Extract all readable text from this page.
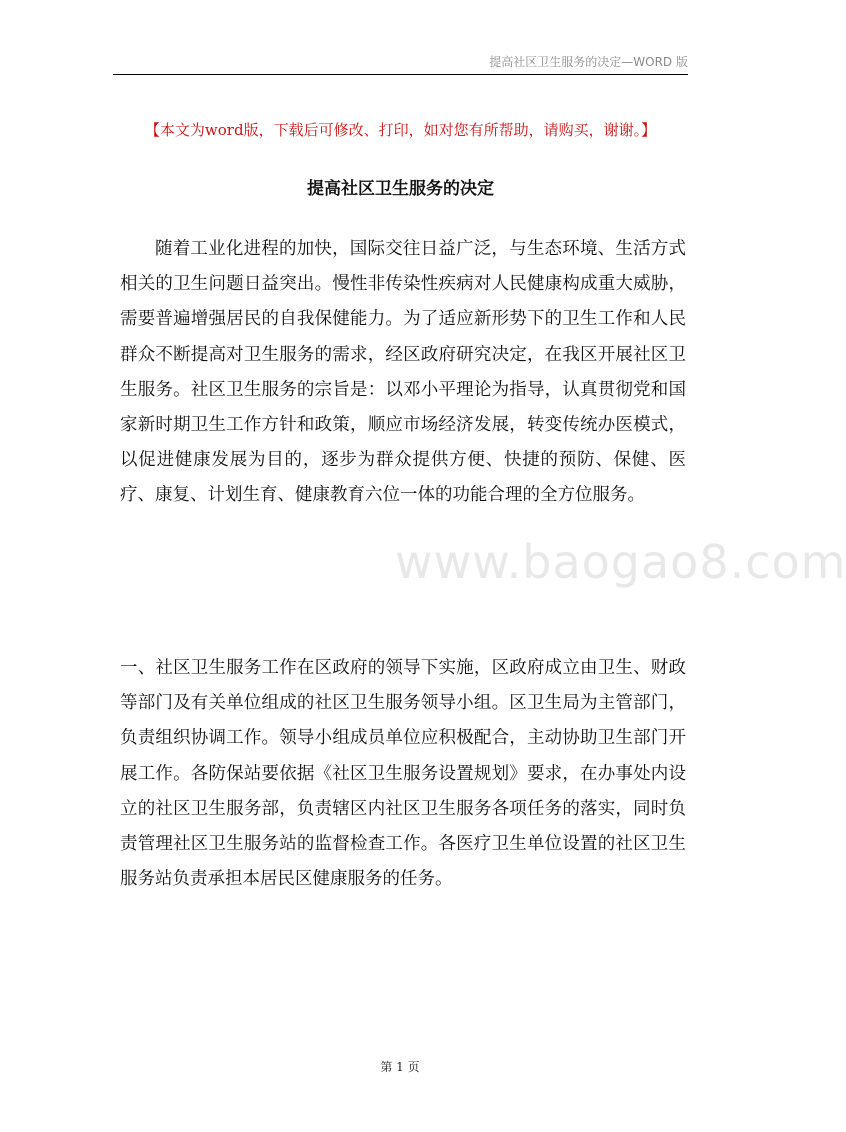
提高社区卫生服务的决定—WORD 版
【本文为word版，下载后可修改、打印，如对您有所帮助，请购买，谢谢。】
提高社区卫生服务的决定

随着工业化进程的加快，国际交往日益广泛，与生态环境、生活方式相关的卫生问题日益突出。慢性非传染性疾病对人民健康构成重大威胁，需要普遍增强居民的自我保健能力。为了适应新形势下的卫生工作和人民群众不断提高对卫生服务的需求，经区政府研究决定，在我区开展社区卫生服务。社区卫生服务的宗旨是：以邓小平理论为指导，认真贯彻党和国家新时期卫生工作方针和政策，顺应市场经济发展，转变传统办医模式，以促进健康发展为目的，逐步为群众提供方便、快捷的预防、保健、医疗、康复、计划生育、健康教育六位一体的功能合理的全方位服务。

www.baogao8.com

一、社区卫生服务工作在区政府的领导下实施，区政府成立由卫生、财政等部门及有关单位组成的社区卫生服务领导小组。区卫生局为主管部门，负责组织协调工作。领导小组成员单位应积极配合，主动协助卫生部门开展工作。各防保站要依据《社区卫生服务设置规划》要求，在办事处内设立的社区卫生服务部，负责辖区内社区卫生服务各项任务的落实，同时负责管理社区卫生服务站的监督检查工作。各医疗卫生单位设置的社区卫生服务站负责承担本居民区健康服务的任务。

第 1 页
